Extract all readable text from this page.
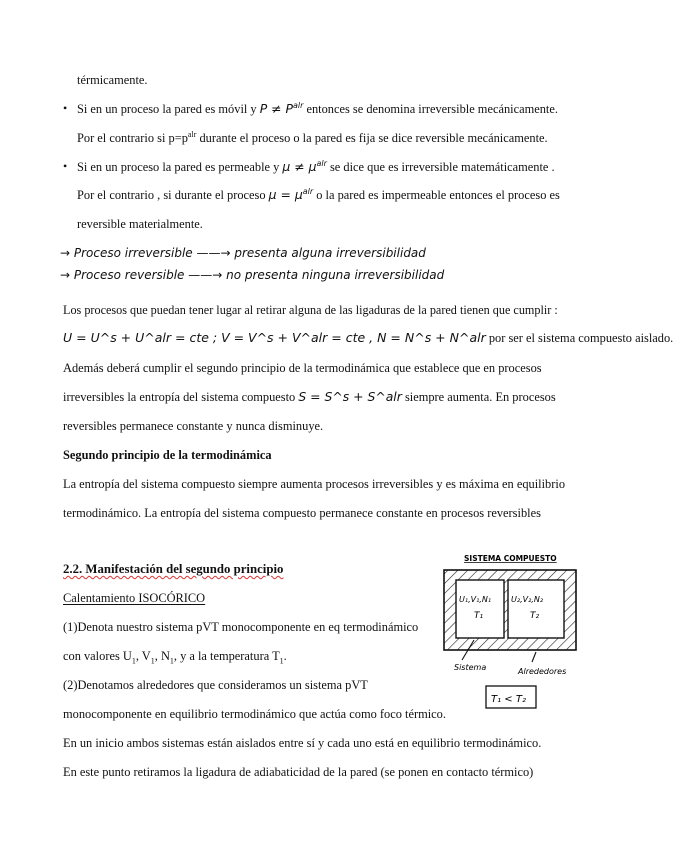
térmicamente.
• Si en un proceso la pared es móvil y $P \ne P^{alr}$ entonces se denomina irreversible mecánicamente.
Por el contrario si $p=p^{alr}$ durante el proceso o la pared es fija se dice reversible mecánicamente.
• Si en un proceso la pared es permeable y $\mu \ne \mu^{alr}$ se dice que es irreversible matemáticamente .
Por el contrario , si durante el proceso $\mu = \mu^{alr}$ o la pared es impermeable entonces el proceso es
reversible materialmente.
→ Proceso irreversible ——→ presenta alguna irreversibilidad
→ Proceso reversible ——→ no presenta ninguna irreversibilidad
Los procesos que puedan tener lugar al retirar alguna de las ligaduras de la pared tienen que cumplir :
U = U^s + U^alr = cte ; V = V^s + V^alr = cte , N = N^s + N^alr por ser el sistema compuesto aislado.
Además deberá cumplir el segundo principio de la termodinámica que establece que en procesos
irreversibles la entropía del sistema compuesto S = S^s + S^alr siempre aumenta. En procesos
reversibles permanece constante y nunca disminuye.
Segundo principio de la termodinámica
La entropía del sistema compuesto siempre aumenta procesos irreversibles y es máxima en equilibrio
termodinámico. La entropía del sistema compuesto permanece constante en procesos reversibles
2.2. Manifestación del segundo principio
Calentamiento ISOCÓRICO
(1)Denota nuestro sistema pVT monocomponente en eq termodinámico
con valores $U_1$, $V_1$, $N_1$, y a la temperatura $T_1$.
(2)Denotamos alrededores que consideramos un sistema pVT
monocomponente en equilibrio termodinámico que actúa como foco térmico.
En un inicio ambos sistemas están aislados entre sí y cada uno está en equilibrio termodinámico.
En este punto retiramos la ligadura de adiabaticidad de la pared (se ponen en contacto térmico)
SISTEMA COMPUESTO
U₁,V₁,N₁
T₁
U₂,V₂,N₂
T₂
Sistema	Alrededores
T₁ < T₂
